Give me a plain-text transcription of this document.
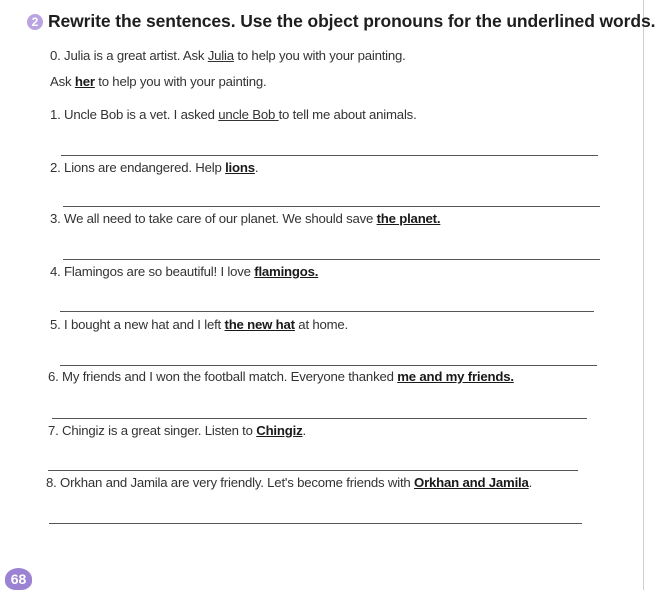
2 Rewrite the sentences. Use the object pronouns for the underlined words.
0. Julia is a great artist. Ask Julia to help you with your painting.
Ask her to help you with your painting.
1. Uncle Bob is a vet. I asked uncle Bob to tell me about animals.
2. Lions are endangered. Help lions.
3. We all need to take care of our planet. We should save the planet.
4. Flamingos are so beautiful! I love flamingos.
5. I bought a new hat and I left the new hat at home.
6. My friends and I won the football match. Everyone thanked me and my friends.
7. Chingiz is a great singer. Listen to Chingiz.
8. Orkhan and Jamila are very friendly. Let's become friends with Orkhan and Jamila.
68
